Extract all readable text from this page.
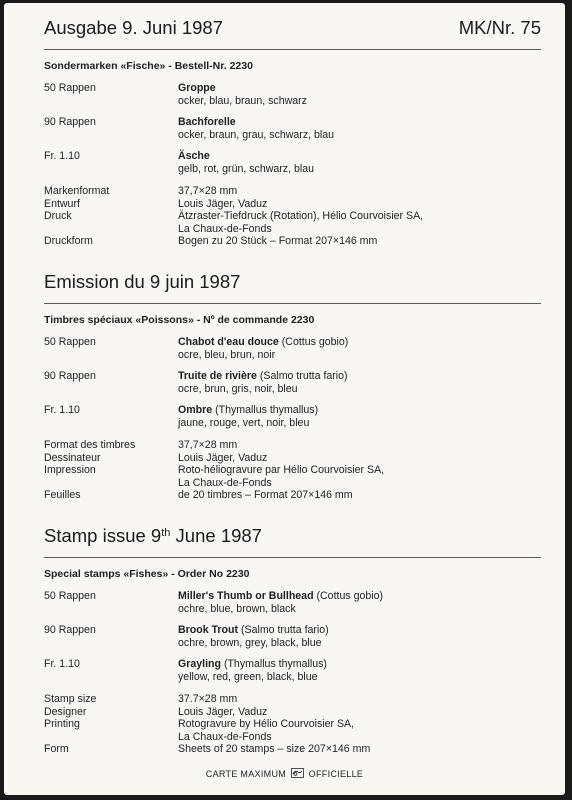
Ausgabe 9. Juni 1987	MK/Nr. 75
Sondermarken «Fische» - Bestell-Nr. 2230
50 Rappen	Groppe
ocker, blau, braun, schwarz
90 Rappen	Bachforelle
ocker, braun, grau, schwarz, blau
Fr. 1.10	Äsche
gelb, rot, grün, schwarz, blau
Markenformat	37,7×28 mm
Entwurf	Louis Jäger, Vaduz
Druck	Ätzraster-Tiefdruck (Rotation), Hélio Courvoisier SA,
La Chaux-de-Fonds
Druckform	Bogen zu 20 Stück – Format 207×146 mm
Emission du 9 juin 1987
Timbres spéciaux «Poissons» - Nº de commande 2230
50 Rappen	Chabot d'eau douce (Cottus gobio)
ocre, bleu, brun, noir
90 Rappen	Truite de rivière (Salmo trutta fario)
ocre, brun, gris, noir, bleu
Fr. 1.10	Ombre (Thymallus thymallus)
jaune, rouge, vert, noir, bleu
Format des timbres	37,7×28 mm
Dessinateur	Louis Jäger, Vaduz
Impression	Roto-héliogravure par Hélio Courvoisier SA,
La Chaux-de-Fonds
Feuilles	de 20 timbres – Format 207×146 mm
Stamp issue 9th June 1987
Special stamps «Fishes» - Order No 2230
50 Rappen	Miller's Thumb or Bullhead (Cottus gobio)
ochre, blue, brown, black
90 Rappen	Brook Trout (Salmo trutta fario)
ochre, brown, grey, black, blue
Fr. 1.10	Grayling (Thymallus thymallus)
yellow, red, green, black, blue
Stamp size	37.7×28 mm
Designer	Louis Jäger, Vaduz
Printing	Rotogravure by Hélio Courvoisier SA,
La Chaux-de-Fonds
Form	Sheets of 20 stamps – size 207×146 mm
CARTE MAXIMUM	OFFICIELLE
